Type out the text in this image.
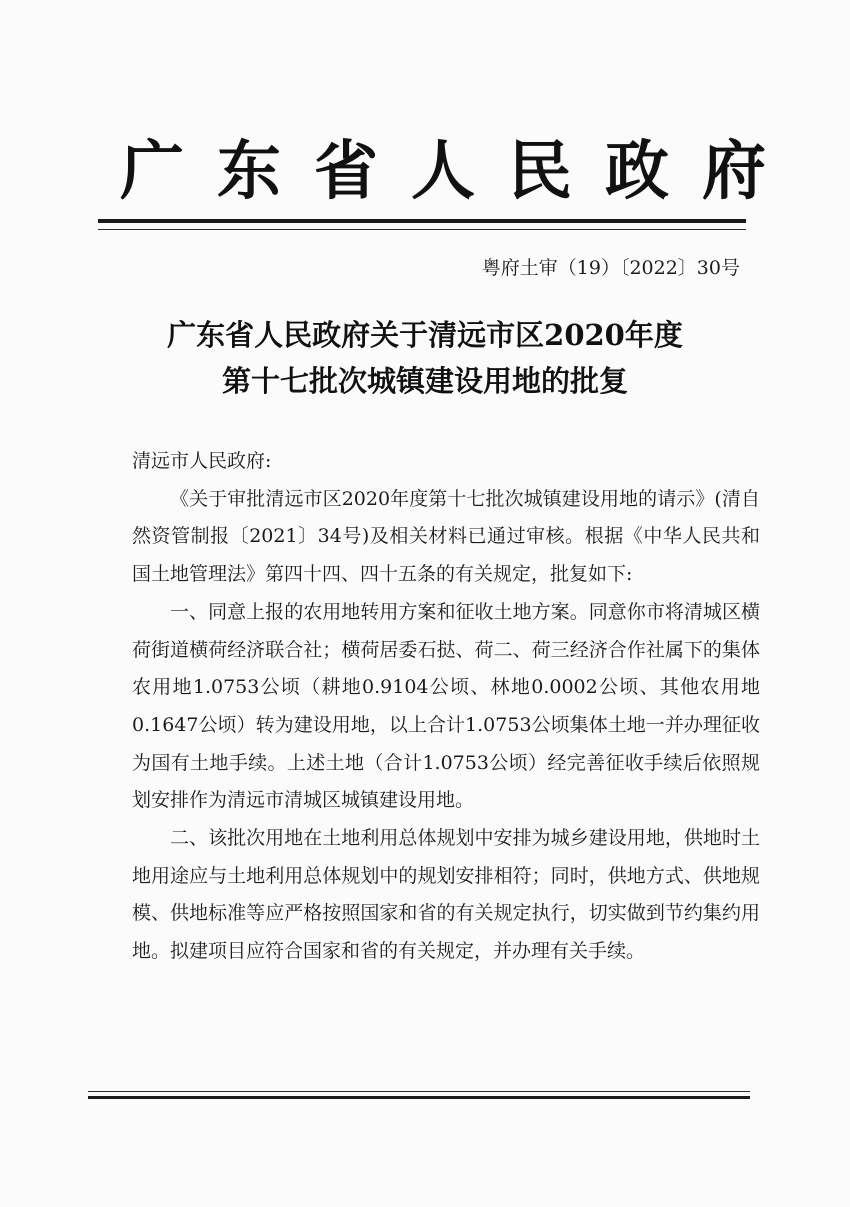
广东省人民政府
粤府土审（19）〔2022〕30号
广东省人民政府关于清远市区2020年度
第十七批次城镇建设用地的批复

清远市人民政府:

《关于审批清远市区2020年度第十七批次城镇建设用地的请示》(清自然资管制报〔2021〕34号)及相关材料已通过审核。根据《中华人民共和国土地管理法》第四十四、四十五条的有关规定，批复如下:

一、同意上报的农用地转用方案和征收土地方案。同意你市将清城区横荷街道横荷经济联合社；横荷居委石挞、荷二、荷三经济合作社属下的集体农用地1.0753公顷（耕地0.9104公顷、林地0.0002公顷、其他农用地0.1647公顷）转为建设用地，以上合计1.0753公顷集体土地一并办理征收为国有土地手续。上述土地（合计1.0753公顷）经完善征收手续后依照规划安排作为清远市清城区城镇建设用地。

二、该批次用地在土地利用总体规划中安排为城乡建设用地，供地时土地用途应与土地利用总体规划中的规划安排相符；同时，供地方式、供地规模、供地标准等应严格按照国家和省的有关规定执行，切实做到节约集约用地。拟建项目应符合国家和省的有关规定，并办理有关手续。
